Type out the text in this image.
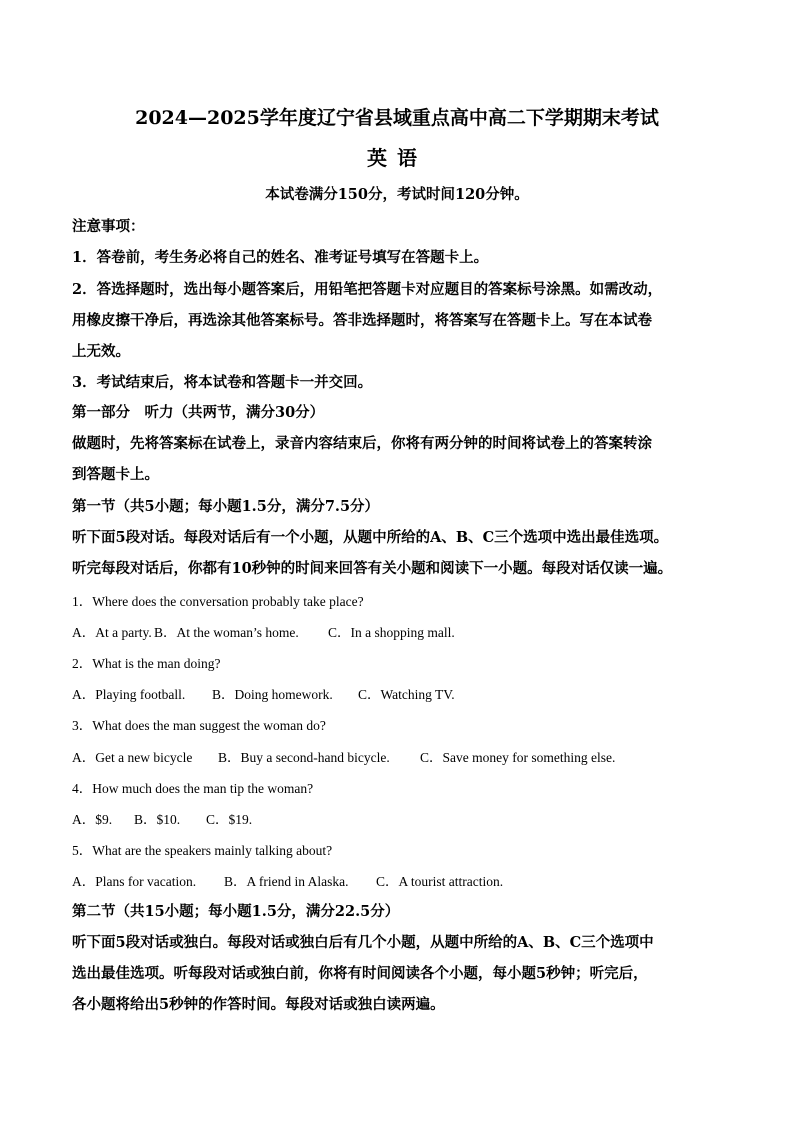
2024—2025学年度辽宁省县域重点高中高二下学期期末考试
英语
本试卷满分150分，考试时间120分钟。
注意事项：
1．答卷前，考生务必将自己的姓名、准考证号填写在答题卡上。
2．答选择题时，选出每小题答案后，用铅笔把答题卡对应题目的答案标号涂黑。如需改动，
用橡皮擦干净后，再选涂其他答案标号。答非选择题时，将答案写在答题卡上。写在本试卷
上无效。
3．考试结束后，将本试卷和答题卡一并交回。
第一部分　听力（共两节，满分30分）
做题时，先将答案标在试卷上，录音内容结束后，你将有两分钟的时间将试卷上的答案转涂
到答题卡上。
第一节（共5小题；每小题1.5分，满分7.5分）
听下面5段对话。每段对话后有一个小题，从题中所给的A、B、C三个选项中选出最佳选项。
听完每段对话后，你都有10秒钟的时间来回答有关小题和阅读下一小题。每段对话仅读一遍。
1．Where does the conversation probably take place?
A．At a party. B．At the woman’s home. C．In a shopping mall.
2．What is the man doing?
A．Playing football. B．Doing homework. C．Watching TV.
3．What does the man suggest the woman do?
A．Get a new bicycle B．Buy a second-hand bicycle. C．Save money for something else.
4．How much does the man tip the woman?
A．$9. B．$10. C．$19.
5．What are the speakers mainly talking about?
A．Plans for vacation. B．A friend in Alaska. C．A tourist attraction.
第二节（共15小题；每小题1.5分，满分22.5分）
听下面5段对话或独白。每段对话或独白后有几个小题，从题中所给的A、B、C三个选项中
选出最佳选项。听每段对话或独白前，你将有时间阅读各个小题，每小题5秒钟；听完后，
各小题将给出5秒钟的作答时间。每段对话或独白读两遍。
